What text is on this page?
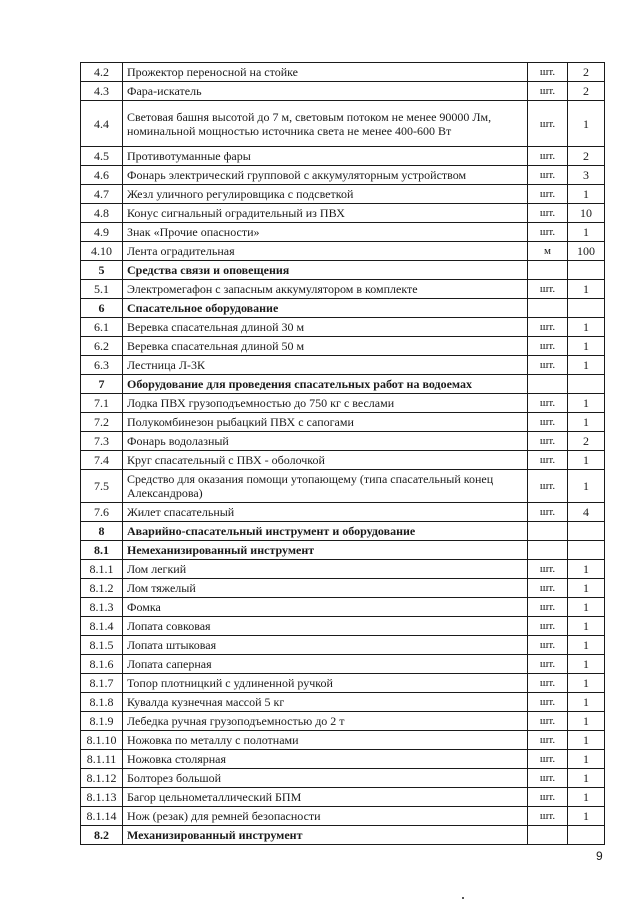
4.2	Прожектор переносной на стойке	шт.	2
4.3	Фара-искатель	шт.	2
4.4	Световая башня высотой до 7 м, световым потоком не менее 90000 Лм, номинальной мощностью источника света не менее 400-600 Вт	шт.	1
4.5	Противотуманные фары	шт.	2
4.6	Фонарь электрический групповой с аккумуляторным устройством	шт.	3
4.7	Жезл уличного регулировщика с подсветкой	шт.	1
4.8	Конус сигнальный оградительный из ПВХ	шт.	10
4.9	Знак «Прочие опасности»	шт.	1
4.10	Лента оградительная	м	100
5	Средства связи и оповещения		
5.1	Электромегафон с запасным аккумулятором в комплекте	шт.	1
6	Спасательное оборудование		
6.1	Веревка спасательная длиной 30 м	шт.	1
6.2	Веревка спасательная длиной 50 м	шт.	1
6.3	Лестница Л-3К	шт.	1
7	Оборудование для проведения спасательных работ на водоемах		
7.1	Лодка ПВХ грузоподъемностью до 750 кг с веслами	шт.	1
7.2	Полукомбинезон рыбацкий ПВХ с сапогами	шт.	1
7.3	Фонарь водолазный	шт.	2
7.4	Круг спасательный с ПВХ - оболочкой	шт.	1
7.5	Средство для оказания помощи утопающему (типа спасательный конец Александрова)	шт.	1
7.6	Жилет спасательный	шт.	4
8	Аварийно-спасательный инструмент и оборудование		
8.1	Немеханизированный инструмент		
8.1.1	Лом легкий	шт.	1
8.1.2	Лом тяжелый	шт.	1
8.1.3	Фомка	шт.	1
8.1.4	Лопата совковая	шт.	1
8.1.5	Лопата штыковая	шт.	1
8.1.6	Лопата саперная	шт.	1
8.1.7	Топор плотницкий с удлиненной ручкой	шт.	1
8.1.8	Кувалда кузнечная массой 5 кг	шт.	1
8.1.9	Лебедка ручная грузоподъемностью до 2 т	шт.	1
8.1.10	Ножовка по металлу с полотнами	шт.	1
8.1.11	Ножовка столярная	шт.	1
8.1.12	Болторез большой	шт.	1
8.1.13	Багор цельнометаллический БПМ	шт.	1
8.1.14	Нож (резак) для ремней безопасности	шт.	1
8.2	Механизированный инструмент		
9
